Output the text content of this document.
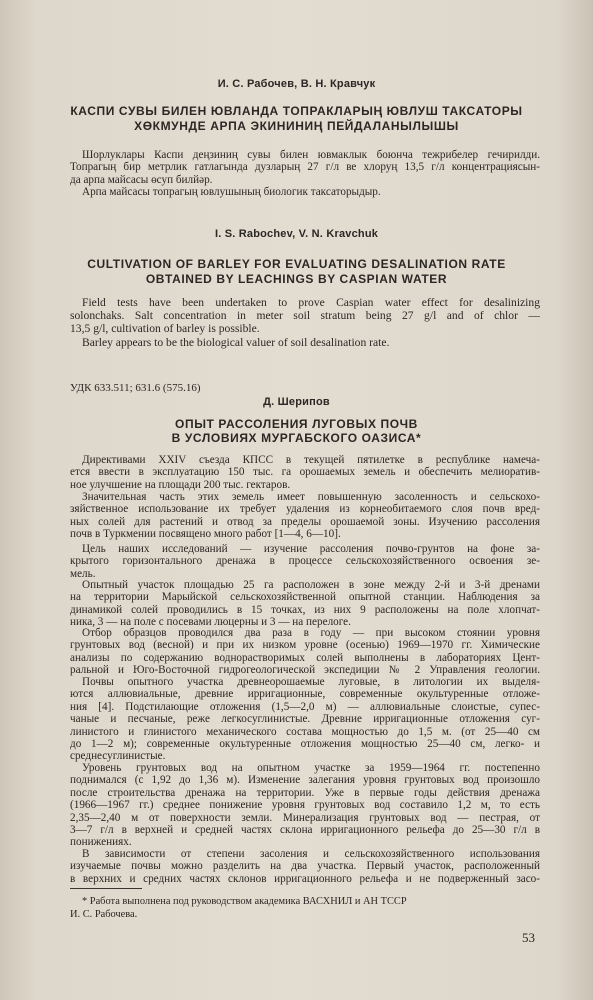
И. С. Рабочев, В. Н. Кравчук
КАСПИ СУВЫ БИЛЕН ЮВЛАНДА ТОПРАКЛАРЫҢ ЮВЛУШ ТАКСАТОРЫ
ХӨКМУНДЕ АРПА ЭКИНИНИҢ ПЕЙДАЛАНЫЛЫШЫ
Шорлуклары Каспи деңзиниң сувы билен ювмаклык боюнча тежрибелер гечирилди.
Топрагың бир метрлик гатлагында дузларың 27 г/л ве хлоруң 13,5 г/л концентрациясын-
да арпа майсасы өсуп билйәр.
Арпа майсасы топрагың ювлушының биологик таксаторыдыр.
I. S. Rabochev, V. N. Kravchuk
CULTIVATION OF BARLEY FOR EVALUATING DESALINATION RATE
OBTAINED BY LEACHINGS BY CASPIAN WATER
Field tests have been undertaken to prove Caspian water effect for desalinizing
solonchaks. Salt concentration in meter soil stratum being 27 g/l and of chlor —
13,5 g/l, cultivation of barley is possible.
Barley appears to be the biological valuer of soil desalination rate.
УДК 633.511; 631.6 (575.16)
Д. Шерипов
ОПЫТ РАССОЛЕНИЯ ЛУГОВЫХ ПОЧВ
В УСЛОВИЯХ МУРГАБСКОГО ОАЗИСА*
Директивами XXIV съезда КПСС в текущей пятилетке в республике намеча-
ется ввести в эксплуатацию 150 тыс. га орошаемых земель и обеспечить мелиоратив-
ное улучшение на площади 200 тыс. гектаров.
Значительная часть этих земель имеет повышенную засоленность и сельскохо-
зяйственное использование их требует удаления из корнеобитаемого слоя почв вред-
ных солей для растений и отвод за пределы орошаемой зоны. Изучению рассоления
почв в Туркмении посвящено много работ [1—4, 6—10].
Цель наших исследований — изучение рассоления почво-грунтов на фоне за-
крытого горизонтального дренажа в процессе сельскохозяйственного освоения зе-
мель.
Опытный участок площадью 25 га расположен в зоне между 2-й и 3-й дренами
на территории Марыйской сельскохозяйственной опытной станции. Наблюдения за
динамикой солей проводились в 15 точках, из них 9 расположены на поле хлопчат-
ника, 3 — на поле с посевами люцерны и 3 — на перелоге.
Отбор образцов проводился два раза в году — при высоком стоянии уровня
грунтовых вод (весной) и при их низком уровне (осенью) 1969—1970 гг. Химические
анализы по содержанию воднорастворимых солей выполнены в лабораториях Цент-
ральной и Юго-Восточной гидрогеологической экспедиции № 2 Управления геологии.
Почвы опытного участка древнеорошаемые луговые, в литологии их выделя-
ются аллювиальные, древние ирригационные, современные окультуренные отложе-
ния [4]. Подстилающие отложения (1,5—2,0 м) — аллювиальные слоистые, супес-
чаные и песчаные, реже легкосуглинистые. Древние ирригационные отложения суг-
линистого и глинистого механического состава мощностью до 1,5 м. (от 25—40 см
до 1—2 м); современные окультуренные отложения мощностью 25—40 см, легко- и
среднесуглинистые.
Уровень грунтовых вод на опытном участке за 1959—1964 гг. постепенно
поднимался (с 1,92 до 1,36 м). Изменение залегания уровня грунтовых вод произошло
после строительства дренажа на территории. Уже в первые годы действия дренажа
(1966—1967 гг.) среднее понижение уровня грунтовых вод составило 1,2 м, то есть
2,35—2,40 м от поверхности земли. Минерализация грунтовых вод — пестрая, от
3—7 г/л в верхней и средней частях склона ирригационного рельефа до 25—30 г/л в
понижениях.
В зависимости от степени засоления и сельскохозяйственного использования
изучаемые почвы можно разделить на два участка. Первый участок, расположенный
в верхних и средних частях склонов ирригационного рельефа и не подверженный засо-
* Работа выполнена под руководством академика ВАСХНИЛ и АН ТССР
И. С. Рабочева.
53
